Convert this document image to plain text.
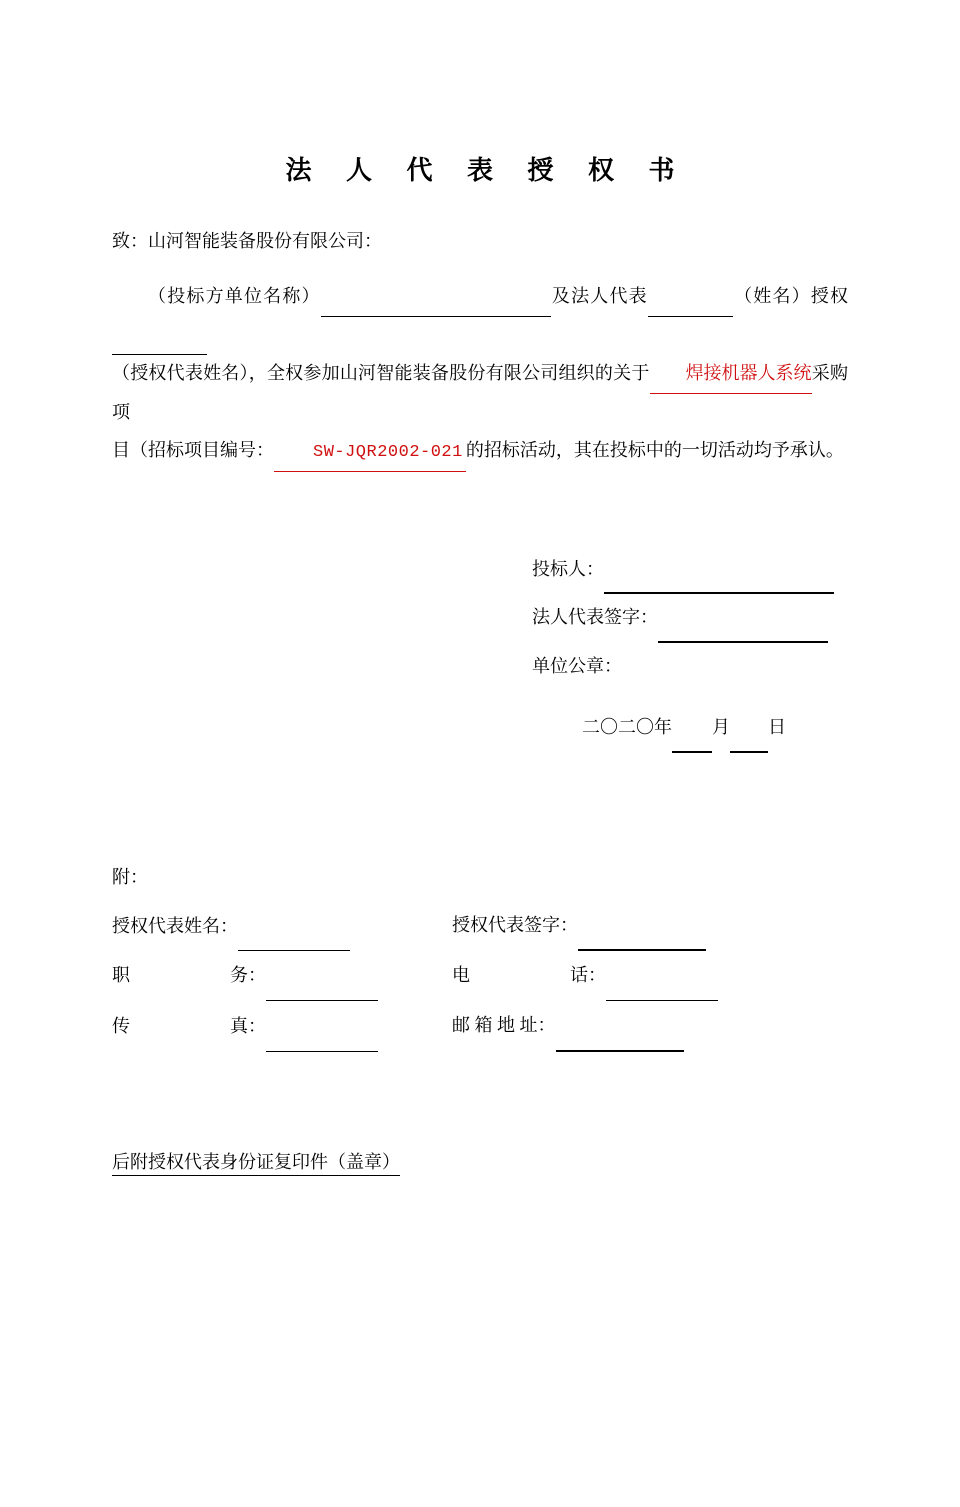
法 人 代 表 授 权 书
致：山河智能装备股份有限公司：

（投标方单位名称）	及法人代表	（姓名）授权
（授权代表姓名），全权参加山河智能装备股份有限公司组织的关于 焊接机器人系统采购项
目（招标项目编号： SW-JQR2002-021 的招标活动，其在投标中的一切活动均予承认。

投标人：
法人代表签字：
单位公章：
二〇二〇年 月 日
附：
授权代表姓名：	授权代表签字：
职 务：	电 话：
传 真：	邮 箱 地 址：
后附授权代表身份证复印件（盖章）
